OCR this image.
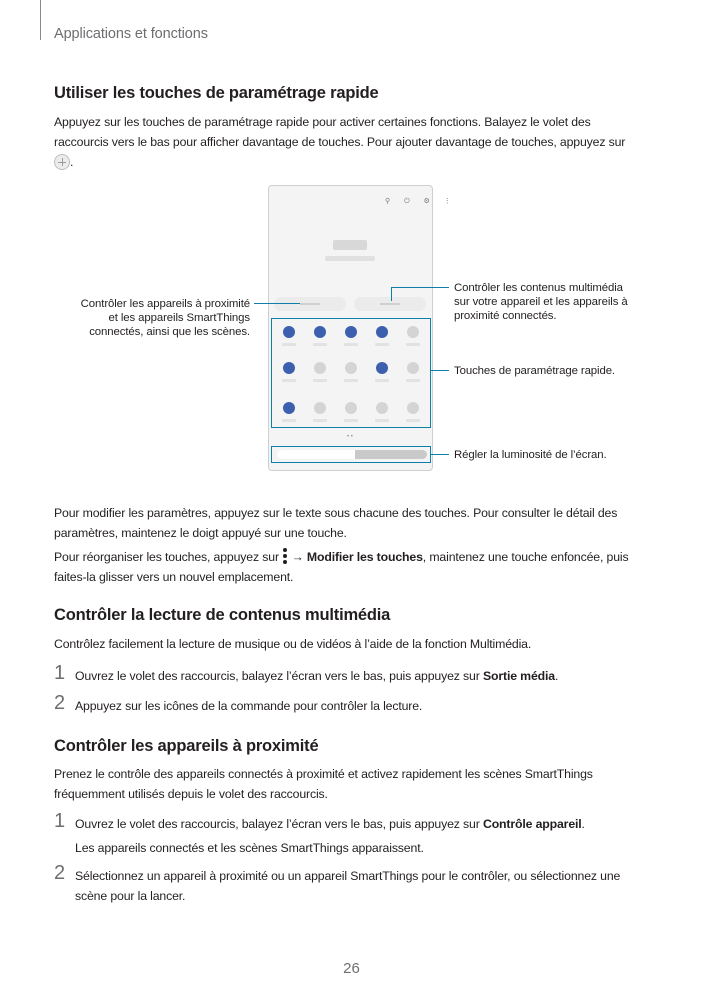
Applications et fonctions
Utiliser les touches de paramétrage rapide
Appuyez sur les touches de paramétrage rapide pour activer certaines fonctions. Balayez le volet des
raccourcis vers le bas pour afficher davantage de touches. Pour ajouter davantage de touches, appuyez sur
.
⚲ ⏻ ⚙ ⋮
• •
Contrôler les appareils à proximité
et les appareils SmartThings
connectés, ainsi que les scènes.
Contrôler les contenus multimédia
sur votre appareil et les appareils à
proximité connectés.
Touches de paramétrage rapide.
Régler la luminosité de l’écran.
Pour modifier les paramètres, appuyez sur le texte sous chacune des touches. Pour consulter le détail des
paramètres, maintenez le doigt appuyé sur une touche.
Pour réorganiser les touches, appuyez sur → Modifier les touches, maintenez une touche enfoncée, puis
faites-la glisser vers un nouvel emplacement.
Contrôler la lecture de contenus multimédia
Contrôlez facilement la lecture de musique ou de vidéos à l’aide de la fonction Multimédia.
1 Ouvrez le volet des raccourcis, balayez l’écran vers le bas, puis appuyez sur Sortie média.
2 Appuyez sur les icônes de la commande pour contrôler la lecture.
Contrôler les appareils à proximité
Prenez le contrôle des appareils connectés à proximité et activez rapidement les scènes SmartThings
fréquemment utilisés depuis le volet des raccourcis.
1 Ouvrez le volet des raccourcis, balayez l’écran vers le bas, puis appuyez sur Contrôle appareil.
Les appareils connectés et les scènes SmartThings apparaissent.
2 Sélectionnez un appareil à proximité ou un appareil SmartThings pour le contrôler, ou sélectionnez une
scène pour la lancer.
26
